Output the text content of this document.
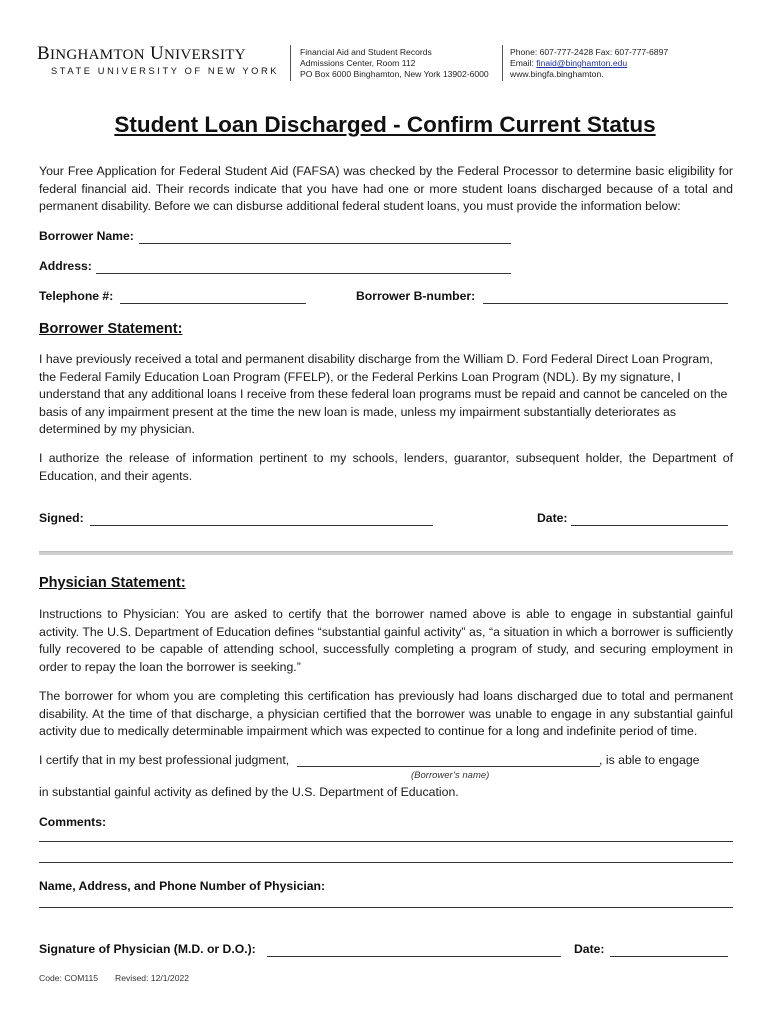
BINGHAMTON UNIVERSITY
STATE UNIVERSITY OF NEW YORK
Financial Aid and Student Records
Admissions Center, Room 112
PO Box 6000 Binghamton, New York 13902-6000
Phone: 607-777-2428 Fax: 607-777-6897
Email: finaid@binghamton.edu
www.bingfa.binghamton.
Student Loan Discharged - Confirm Current Status
Your Free Application for Federal Student Aid (FAFSA) was checked by the Federal Processor to determine basic eligibility for federal financial aid. Their records indicate that you have had one or more student loans discharged because of a total and permanent disability. Before we can disburse additional federal student loans, you must provide the information below:
Borrower Name:
Address:
Telephone #:	Borrower B-number:
Borrower Statement:
I have previously received a total and permanent disability discharge from the William D. Ford Federal Direct Loan Program, the Federal Family Education Loan Program (FFELP), or the Federal Perkins Loan Program (NDL). By my signature, I understand that any additional loans I receive from these federal loan programs must be repaid and cannot be canceled on the basis of any impairment present at the time the new loan is made, unless my impairment substantially deteriorates as determined by my physician.
I authorize the release of information pertinent to my schools, lenders, guarantor, subsequent holder, the Department of Education, and their agents.
Signed:	Date:
Physician Statement:
Instructions to Physician: You are asked to certify that the borrower named above is able to engage in substantial gainful activity. The U.S. Department of Education defines “substantial gainful activity” as, “a situation in which a borrower is sufficiently fully recovered to be capable of attending school, successfully completing a program of study, and securing employment in order to repay the loan the borrower is seeking.”
The borrower for whom you are completing this certification has previously had loans discharged due to total and permanent disability. At the time of that discharge, a physician certified that the borrower was unable to engage in any substantial gainful activity due to medically determinable impairment which was expected to continue for a long and indefinite period of time.
I certify that in my best professional judgment,	, is able to engage
(Borrower’s name)
in substantial gainful activity as defined by the U.S. Department of Education.
Comments:
Name, Address, and Phone Number of Physician:
Signature of Physician (M.D. or D.O.):	Date:
Code: COM115 Revised: 12/1/2022
